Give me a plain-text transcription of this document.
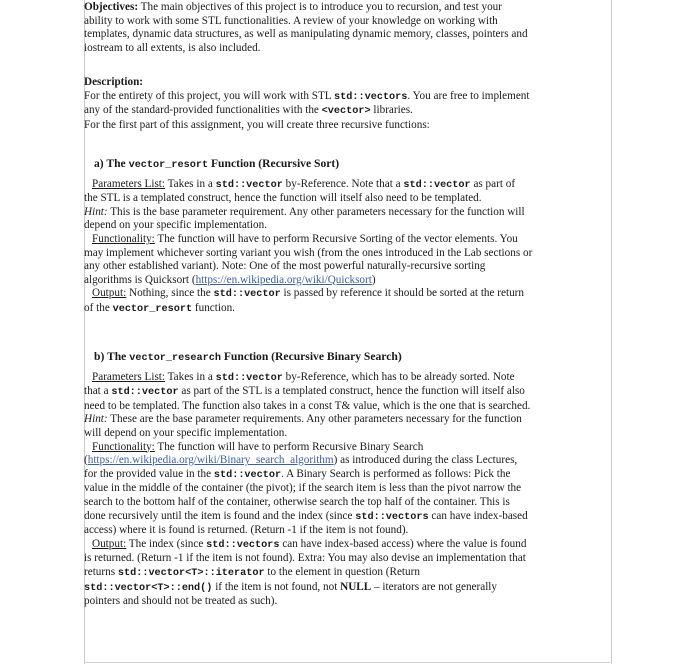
Objectives: The main objectives of this project is to introduce you to recursion, and test your

ability to work with some STL functionalities. A review of your knowledge on working with

templates, dynamic data structures, as well as manipulating dynamic memory, classes, pointers and

iostream to all extents, is also included.

Description:

For the entirety of this project, you will work with STL std::vectors. You are free to implement

any of the standard-provided functionalities with the <vector> libraries.

For the first part of this assignment, you will create three recursive functions:

a) The vector_resort Function (Recursive Sort)

Parameters List: Takes in a std::vector by-Reference. Note that a std::vector as part of

the STL is a templated construct, hence the function will itself also need to be templated.

Hint: This is the base parameter requirement. Any other parameters necessary for the function will

depend on your specific implementation.

Functionality: The function will have to perform Recursive Sorting of the vector elements. You

may implement whichever sorting variant you wish (from the ones introduced in the Lab sections or

any other established variant). Note: One of the most powerful naturally-recursive sorting

algorithms is Quicksort (https://en.wikipedia.org/wiki/Quicksort)

Output: Nothing, since the std::vector is passed by reference it should be sorted at the return

of the vector_resort function.

b) The vector_research Function (Recursive Binary Search)

Parameters List: Takes in a std::vector by-Reference, which has to be already sorted. Note

that a std::vector as part of the STL is a templated construct, hence the function will itself also

need to be templated. The function also takes in a const T& value, which is the one that is searched.

Hint: These are the base parameter requirements. Any other parameters necessary for the function

will depend on your specific implementation.

Functionality: The function will have to perform Recursive Binary Search

(https://en.wikipedia.org/wiki/Binary_search_algorithm) as introduced during the class Lectures,

for the provided value in the std::vector. A Binary Search is performed as follows: Pick the

value in the middle of the container (the pivot); if the search item is less than the pivot narrow the

search to the bottom half of the container, otherwise search the top half of the container. This is

done recursively until the item is found and the index (since std::vectors can have index-based

access) where it is found is returned. (Return -1 if the item is not found).

Output: The index (since std::vectors can have index-based access) where the value is found

is returned. (Return -1 if the item is not found). Extra: You may also devise an implementation that

returns std::vector<T>::iterator to the element in question (Return

std::vector<T>::end() if the item is not found, not NULL – iterators are not generally

pointers and should not be treated as such).
